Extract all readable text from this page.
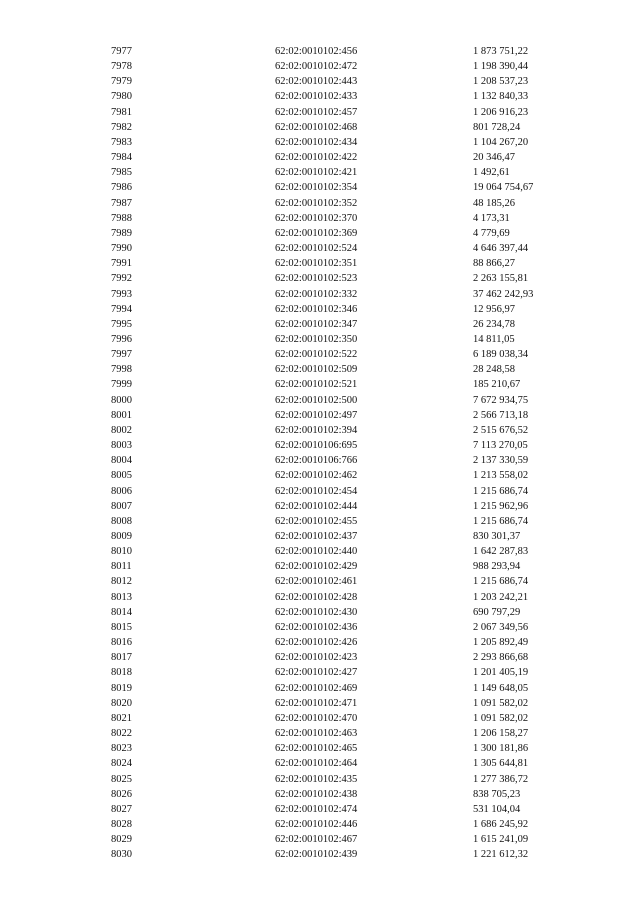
7977	62:02:0010102:456	1 873 751,22
7978	62:02:0010102:472	1 198 390,44
7979	62:02:0010102:443	1 208 537,23
7980	62:02:0010102:433	1 132 840,33
7981	62:02:0010102:457	1 206 916,23
7982	62:02:0010102:468	801 728,24
7983	62:02:0010102:434	1 104 267,20
7984	62:02:0010102:422	20 346,47
7985	62:02:0010102:421	1 492,61
7986	62:02:0010102:354	19 064 754,67
7987	62:02:0010102:352	48 185,26
7988	62:02:0010102:370	4 173,31
7989	62:02:0010102:369	4 779,69
7990	62:02:0010102:524	4 646 397,44
7991	62:02:0010102:351	88 866,27
7992	62:02:0010102:523	2 263 155,81
7993	62:02:0010102:332	37 462 242,93
7994	62:02:0010102:346	12 956,97
7995	62:02:0010102:347	26 234,78
7996	62:02:0010102:350	14 811,05
7997	62:02:0010102:522	6 189 038,34
7998	62:02:0010102:509	28 248,58
7999	62:02:0010102:521	185 210,67
8000	62:02:0010102:500	7 672 934,75
8001	62:02:0010102:497	2 566 713,18
8002	62:02:0010102:394	2 515 676,52
8003	62:02:0010106:695	7 113 270,05
8004	62:02:0010106:766	2 137 330,59
8005	62:02:0010102:462	1 213 558,02
8006	62:02:0010102:454	1 215 686,74
8007	62:02:0010102:444	1 215 962,96
8008	62:02:0010102:455	1 215 686,74
8009	62:02:0010102:437	830 301,37
8010	62:02:0010102:440	1 642 287,83
8011	62:02:0010102:429	988 293,94
8012	62:02:0010102:461	1 215 686,74
8013	62:02:0010102:428	1 203 242,21
8014	62:02:0010102:430	690 797,29
8015	62:02:0010102:436	2 067 349,56
8016	62:02:0010102:426	1 205 892,49
8017	62:02:0010102:423	2 293 866,68
8018	62:02:0010102:427	1 201 405,19
8019	62:02:0010102:469	1 149 648,05
8020	62:02:0010102:471	1 091 582,02
8021	62:02:0010102:470	1 091 582,02
8022	62:02:0010102:463	1 206 158,27
8023	62:02:0010102:465	1 300 181,86
8024	62:02:0010102:464	1 305 644,81
8025	62:02:0010102:435	1 277 386,72
8026	62:02:0010102:438	838 705,23
8027	62:02:0010102:474	531 104,04
8028	62:02:0010102:446	1 686 245,92
8029	62:02:0010102:467	1 615 241,09
8030	62:02:0010102:439	1 221 612,32
